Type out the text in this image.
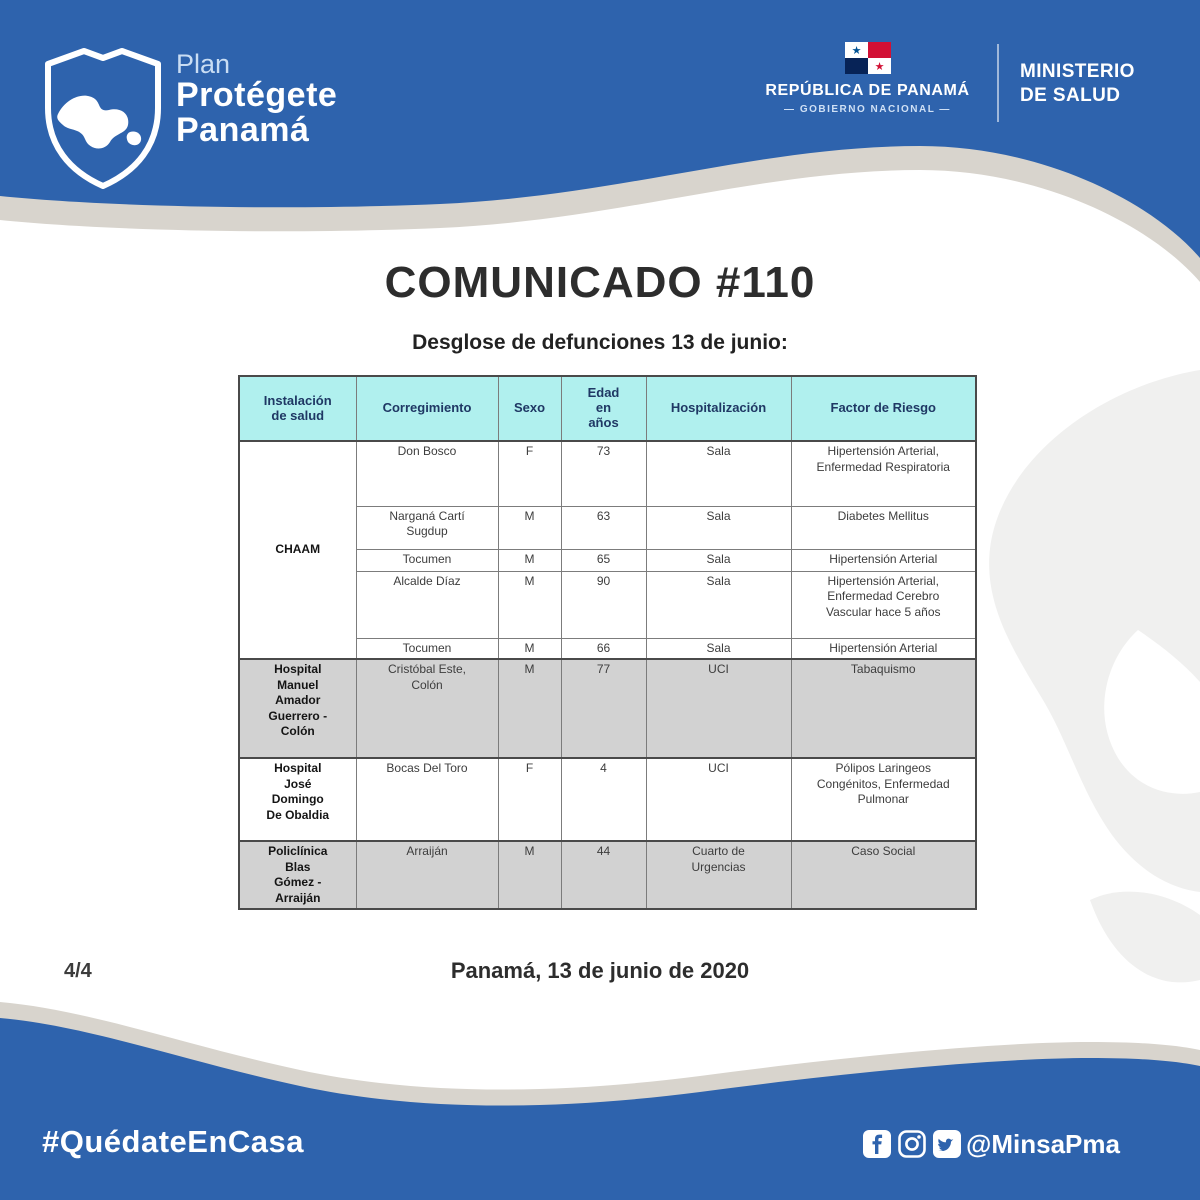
Plan
Protégete
Panamá
★
★
REPÚBLICA DE PANAMÁ
— GOBIERNO NACIONAL —
MINISTERIO
DE SALUD
COMUNICADO #110
Desglose de defunciones 13 de junio:
Instalación de salud	Corregimiento	Sexo	Edad en años	Hospitalización	Factor de Riesgo
CHAAM	Don Bosco	F	73	Sala	Hipertensión Arterial, Enfermedad Respiratoria
	Narganá Cartí Sugdup	M	63	Sala	Diabetes Mellitus
	Tocumen	M	65	Sala	Hipertensión Arterial
	Alcalde Díaz	M	90	Sala	Hipertensión Arterial, Enfermedad Cerebro Vascular hace 5 años
	Tocumen	M	66	Sala	Hipertensión Arterial
Hospital Manuel Amador Guerrero - Colón	Cristóbal Este, Colón	M	77	UCI	Tabaquismo
Hospital José Domingo De Obaldia	Bocas Del Toro	F	4	UCI	Pólipos Laringeos Congénitos, Enfermedad Pulmonar
Policlínica Blas Gómez - Arraiján	Arraiján	M	44	Cuarto de Urgencias	Caso Social
4/4	Panamá, 13 de junio de 2020
#QuédateEnCasa	@MinsaPma
